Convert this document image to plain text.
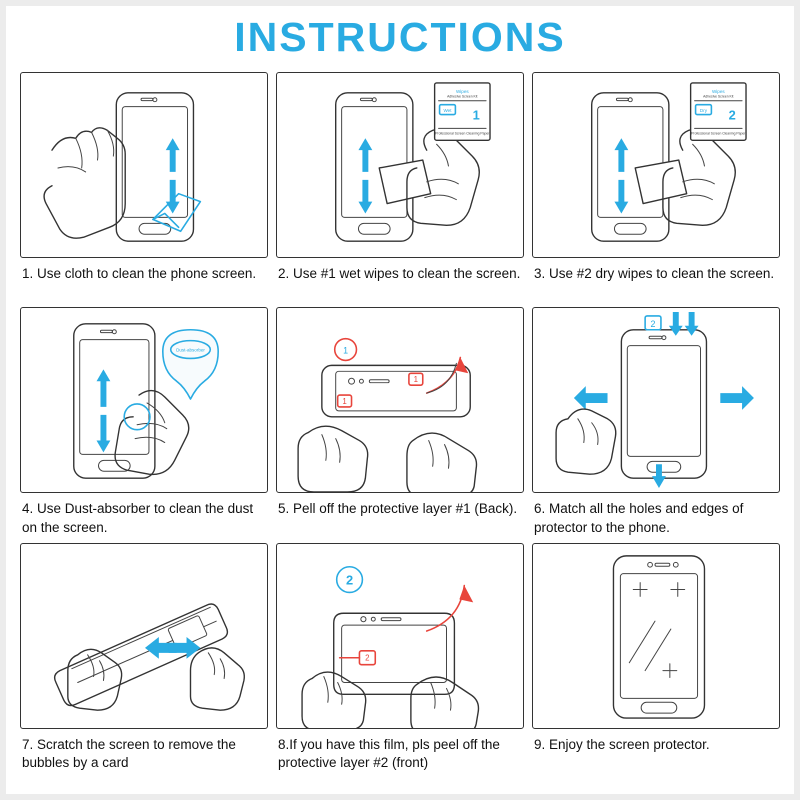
INSTRUCTIONS
1. Use cloth to clean the phone screen.
Wipes
Adhesive Screen Kit
Wet 1
Professional Screen Cleaning Paper
2. Use #1 wet wipes to clean the screen.
Wipes
Adhesive Screen Kit
Dry 2
Professional Screen Cleaning Paper
3. Use #2 dry wipes to clean the screen.
Dust-absorber
4. Use Dust-absorber to clean the dust on the screen.
1
1
1
5. Pell off the protective layer #1 (Back).
2
6. Match all the holes and edges of protector to the phone.
7. Scratch the screen to remove the bubbles by a card
2
2
8.If you have this film, pls peel off the protective layer #2 (front)
9. Enjoy the screen protector.
